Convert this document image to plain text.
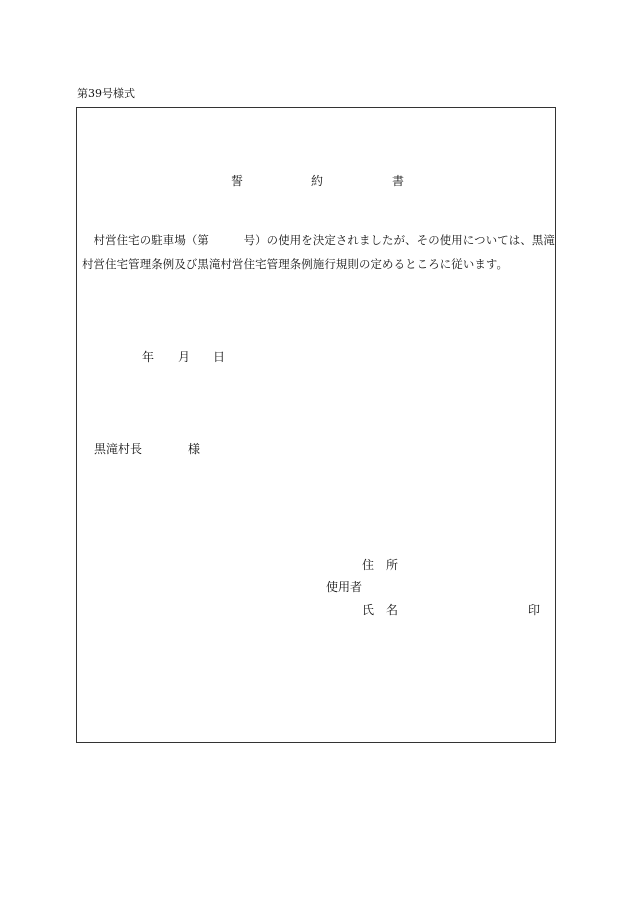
第39号様式
誓	約	書
　村営住宅の駐車場（第　　　号）の使用を決定されましたが、その使用については、黒滝
村営住宅管理条例及び黒滝村営住宅管理条例施行規則の定めるところに従います。
年 月 日
黒滝村長	様
住　所
使用者
氏　名	印
